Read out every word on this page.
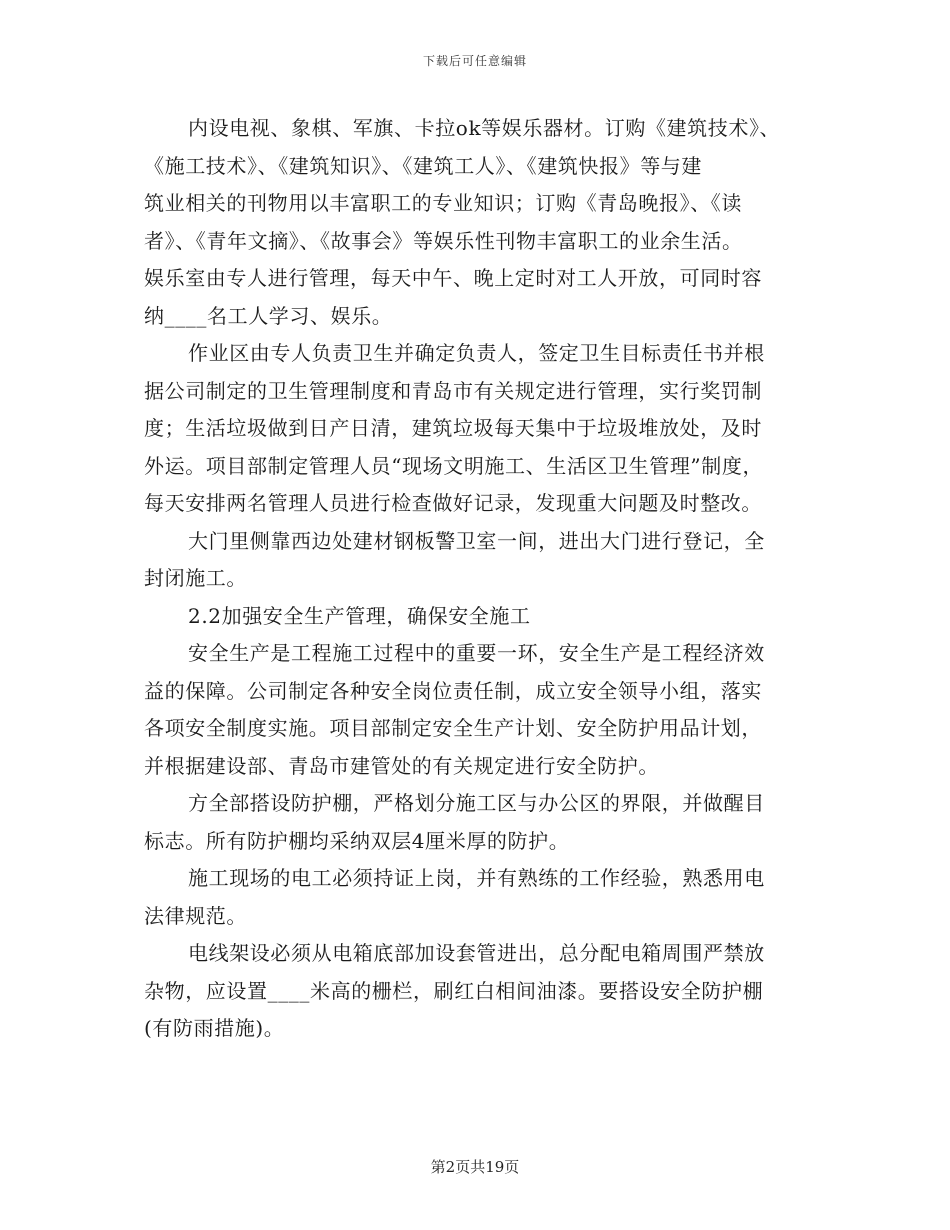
下载后可任意编辑

内设电视、象棋、军旗、卡拉ok等娱乐器材。订购《建筑技术》、
《施工技术》、《建筑知识》、《建筑工人》、《建筑快报》等与建
筑业相关的刊物用以丰富职工的专业知识；订购《青岛晚报》、《读
者》、《青年文摘》、《故事会》等娱乐性刊物丰富职工的业余生活。
娱乐室由专人进行管理，每天中午、晚上定时对工人开放，可同时容
纳____名工人学习、娱乐。

作业区由专人负责卫生并确定负责人，签定卫生目标责任书并根
据公司制定的卫生管理制度和青岛市有关规定进行管理，实行奖罚制
度；生活垃圾做到日产日清，建筑垃圾每天集中于垃圾堆放处，及时
外运。项目部制定管理人员“现场文明施工、生活区卫生管理”制度，
每天安排两名管理人员进行检查做好记录，发现重大问题及时整改。

大门里侧靠西边处建材钢板警卫室一间，进出大门进行登记，全
封闭施工。

2.2加强安全生产管理，确保安全施工

安全生产是工程施工过程中的重要一环，安全生产是工程经济效
益的保障。公司制定各种安全岗位责任制，成立安全领导小组，落实
各项安全制度实施。项目部制定安全生产计划、安全防护用品计划，
并根据建设部、青岛市建管处的有关规定进行安全防护。

方全部搭设防护棚，严格划分施工区与办公区的界限，并做醒目
标志。所有防护棚均采纳双层4厘米厚的防护。

施工现场的电工必须持证上岗，并有熟练的工作经验，熟悉用电
法律规范。

电线架设必须从电箱底部加设套管进出，总分配电箱周围严禁放
杂物，应设置____米高的栅栏，刷红白相间油漆。要搭设安全防护棚
(有防雨措施)。

第2页共19页
